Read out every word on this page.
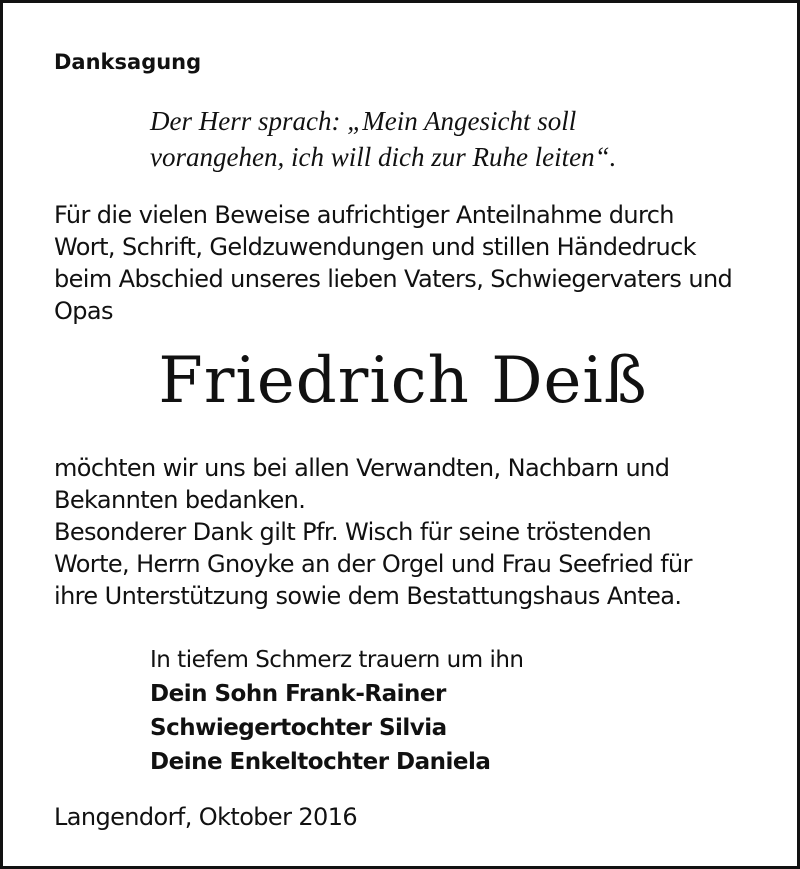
Danksagung

Der Herr sprach: „Mein Angesicht soll
vorangehen, ich will dich zur Ruhe leiten“.

Für die vielen Beweise aufrichtiger Anteilnahme durch
Wort, Schrift, Geldzuwendungen und stillen Händedruck
beim Abschied unseres lieben Vaters, Schwiegervaters und
Opas

Friedrich Deiß

möchten wir uns bei allen Verwandten, Nachbarn und
Bekannten bedanken.
Besonderer Dank gilt Pfr. Wisch für seine tröstenden
Worte, Herrn Gnoyke an der Orgel und Frau Seefried für
ihre Unterstützung sowie dem Bestattungshaus Antea.

In tiefem Schmerz trauern um ihn
Dein Sohn Frank-Rainer
Schwiegertochter Silvia
Deine Enkeltochter Daniela

Langendorf, Oktober 2016
